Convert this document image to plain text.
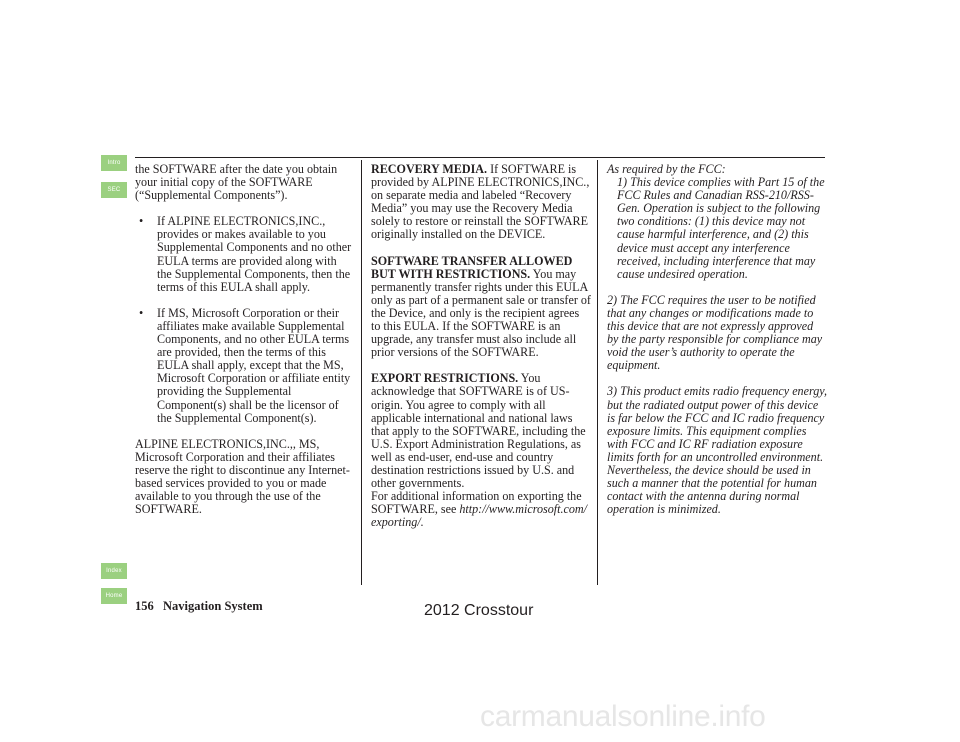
Intro
SEC
Index
Home

the SOFTWARE after the date you obtain your initial copy of the SOFTWARE (“Supplemental Components”).

• If ALPINE ELECTRONICS,INC., provides or makes available to you Supplemental Components and no other EULA terms are provided along with the Supplemental Components, then the terms of this EULA shall apply.
• If MS, Microsoft Corporation or their affiliates make available Supplemental Components, and no other EULA terms are provided, then the terms of this EULA shall apply, except that the MS, Microsoft Corporation or affiliate entity providing the Supplemental Component(s) shall be the licensor of the Supplemental Component(s).

ALPINE ELECTRONICS,INC.,, MS, Microsoft Corporation and their affiliates reserve the right to discontinue any Internet-based services provided to you or made available to you through the use of the SOFTWARE.

RECOVERY MEDIA. If SOFTWARE is provided by ALPINE ELECTRONICS,INC., on separate media and labeled “Recovery Media” you may use the Recovery Media solely to restore or reinstall the SOFTWARE originally installed on the DEVICE.

SOFTWARE TRANSFER ALLOWED BUT WITH RESTRICTIONS. You may permanently transfer rights under this EULA only as part of a permanent sale or transfer of the Device, and only is the recipient agrees to this EULA. If the SOFTWARE is an upgrade, any transfer must also include all prior versions of the SOFTWARE.

EXPORT RESTRICTIONS. You acknowledge that SOFTWARE is of US-origin. You agree to comply with all applicable international and national laws that apply to the SOFTWARE, including the U.S. Export Administration Regulations, as well as end-user, end-use and country destination restrictions issued by U.S. and other governments.

For additional information on exporting the SOFTWARE, see http://www.microsoft.com/exporting/.

As required by the FCC:

1) This device complies with Part 15 of the FCC Rules and Canadian RSS-210/RSS-Gen. Operation is subject to the following two conditions: (1) this device may not cause harmful interference, and (2) this device must accept any interference received, including interference that may cause undesired operation.

2) The FCC requires the user to be notified that any changes or modifications made to this device that are not expressly approved by the party responsible for compliance may void the user’s authority to operate the equipment.

3) This product emits radio frequency energy, but the radiated output power of this device is far below the FCC and IC radio frequency exposure limits. This equipment complies with FCC and IC RF radiation exposure limits forth for an uncontrolled environment. Nevertheless, the device should be used in such a manner that the potential for human contact with the antenna during normal operation is minimized.

156 Navigation System	2012 Crosstour
carmanualsonline.info
